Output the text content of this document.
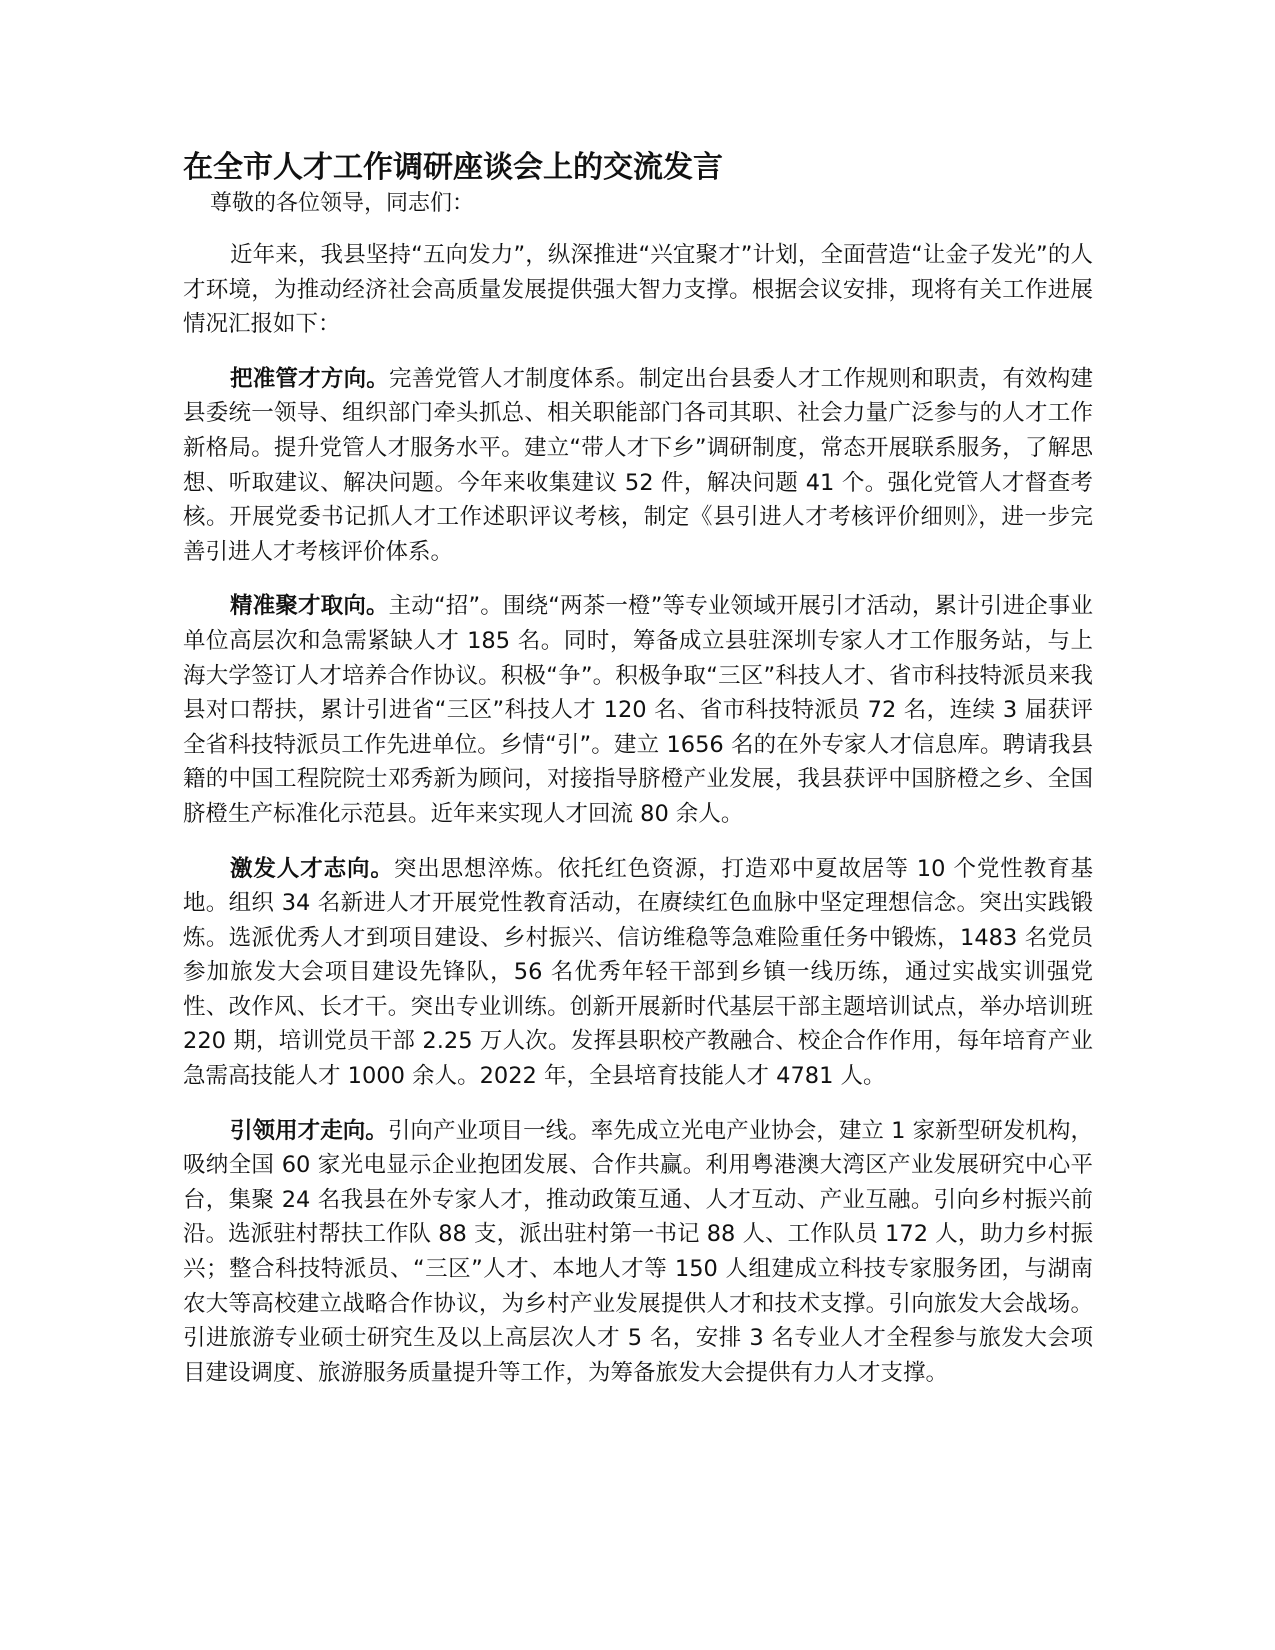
在全市人才工作调研座谈会上的交流发言

尊敬的各位领导，同志们：

近年来，我县坚持“五向发力”，纵深推进“兴宜聚才”计划，全面营造“让金子发光”的人才环境，为推动经济社会高质量发展提供强大智力支撑。根据会议安排，现将有关工作进展情况汇报如下：

把准管才方向。完善党管人才制度体系。制定出台县委人才工作规则和职责，有效构建县委统一领导、组织部门牵头抓总、相关职能部门各司其职、社会力量广泛参与的人才工作新格局。提升党管人才服务水平。建立“带人才下乡”调研制度，常态开展联系服务，了解思想、听取建议、解决问题。今年来收集建议 52 件，解决问题 41 个。强化党管人才督查考核。开展党委书记抓人才工作述职评议考核，制定《县引进人才考核评价细则》，进一步完善引进人才考核评价体系。

精准聚才取向。主动“招”。围绕“两茶一橙”等专业领域开展引才活动，累计引进企事业单位高层次和急需紧缺人才 185 名。同时，筹备成立县驻深圳专家人才工作服务站，与上海大学签订人才培养合作协议。积极“争”。积极争取“三区”科技人才、省市科技特派员来我县对口帮扶，累计引进省“三区”科技人才 120 名、省市科技特派员 72 名，连续 3 届获评全省科技特派员工作先进单位。乡情“引”。建立 1656 名的在外专家人才信息库。聘请我县籍的中国工程院院士邓秀新为顾问，对接指导脐橙产业发展，我县获评中国脐橙之乡、全国脐橙生产标准化示范县。近年来实现人才回流 80 余人。

激发人才志向。突出思想淬炼。依托红色资源，打造邓中夏故居等 10 个党性教育基地。组织 34 名新进人才开展党性教育活动，在赓续红色血脉中坚定理想信念。突出实践锻炼。选派优秀人才到项目建设、乡村振兴、信访维稳等急难险重任务中锻炼，1483 名党员参加旅发大会项目建设先锋队，56 名优秀年轻干部到乡镇一线历练，通过实战实训强党性、改作风、长才干。突出专业训练。创新开展新时代基层干部主题培训试点，举办培训班 220 期，培训党员干部 2.25 万人次。发挥县职校产教融合、校企合作作用，每年培育产业急需高技能人才 1000 余人。2022 年，全县培育技能人才 4781 人。

引领用才走向。引向产业项目一线。率先成立光电产业协会，建立 1 家新型研发机构，吸纳全国 60 家光电显示企业抱团发展、合作共赢。利用粤港澳大湾区产业发展研究中心平台，集聚 24 名我县在外专家人才，推动政策互通、人才互动、产业互融。引向乡村振兴前沿。选派驻村帮扶工作队 88 支，派出驻村第一书记 88 人、工作队员 172 人，助力乡村振兴；整合科技特派员、“三区”人才、本地人才等 150 人组建成立科技专家服务团，与湖南农大等高校建立战略合作协议，为乡村产业发展提供人才和技术支撑。引向旅发大会战场。引进旅游专业硕士研究生及以上高层次人才 5 名，安排 3 名专业人才全程参与旅发大会项目建设调度、旅游服务质量提升等工作，为筹备旅发大会提供有力人才支撑。
